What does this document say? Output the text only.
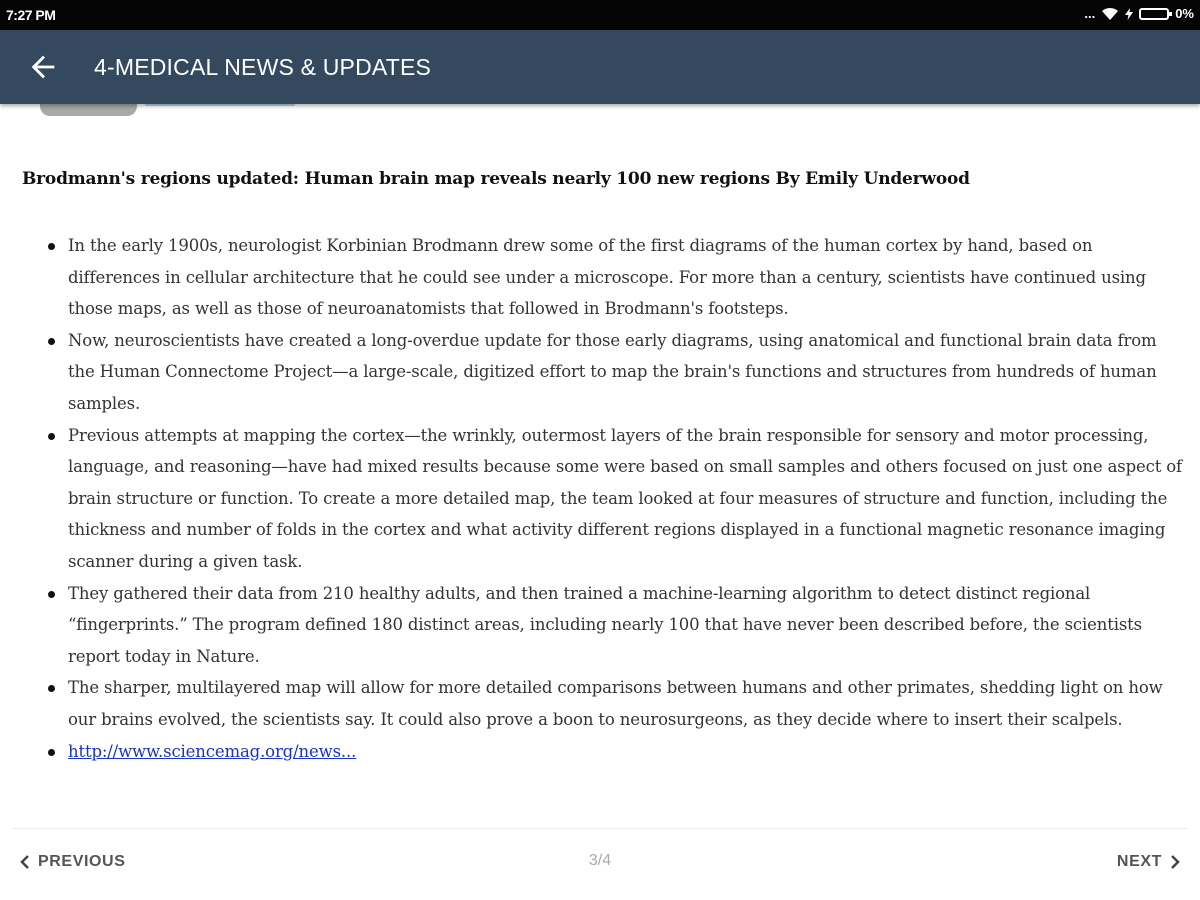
7:27 PM	...	0%
4-MEDICAL NEWS & UPDATES
Brodmann's regions updated: Human brain map reveals nearly 100 new regions By Emily Underwood
In the early 1900s, neurologist Korbinian Brodmann drew some of the first diagrams of the human cortex by hand, based on differences in cellular architecture that he could see under a microscope. For more than a century, scientists have continued using those maps, as well as those of neuroanatomists that followed in Brodmann's footsteps.
Now, neuroscientists have created a long-overdue update for those early diagrams, using anatomical and functional brain data from the Human Connectome Project—a large-scale, digitized effort to map the brain's functions and structures from hundreds of human samples.
Previous attempts at mapping the cortex—the wrinkly, outermost layers of the brain responsible for sensory and motor processing, language, and reasoning—have had mixed results because some were based on small samples and others focused on just one aspect of brain structure or function. To create a more detailed map, the team looked at four measures of structure and function, including the thickness and number of folds in the cortex and what activity different regions displayed in a functional magnetic resonance imaging scanner during a given task.
They gathered their data from 210 healthy adults, and then trained a machine-learning algorithm to detect distinct regional “fingerprints.” The program defined 180 distinct areas, including nearly 100 that have never been described before, the scientists report today in Nature.
The sharper, multilayered map will allow for more detailed comparisons between humans and other primates, shedding light on how our brains evolved, the scientists say. It could also prove a boon to neurosurgeons, as they decide where to insert their scalpels.
http://www.sciencemag.org/news...
PREVIOUS	3/4	NEXT
